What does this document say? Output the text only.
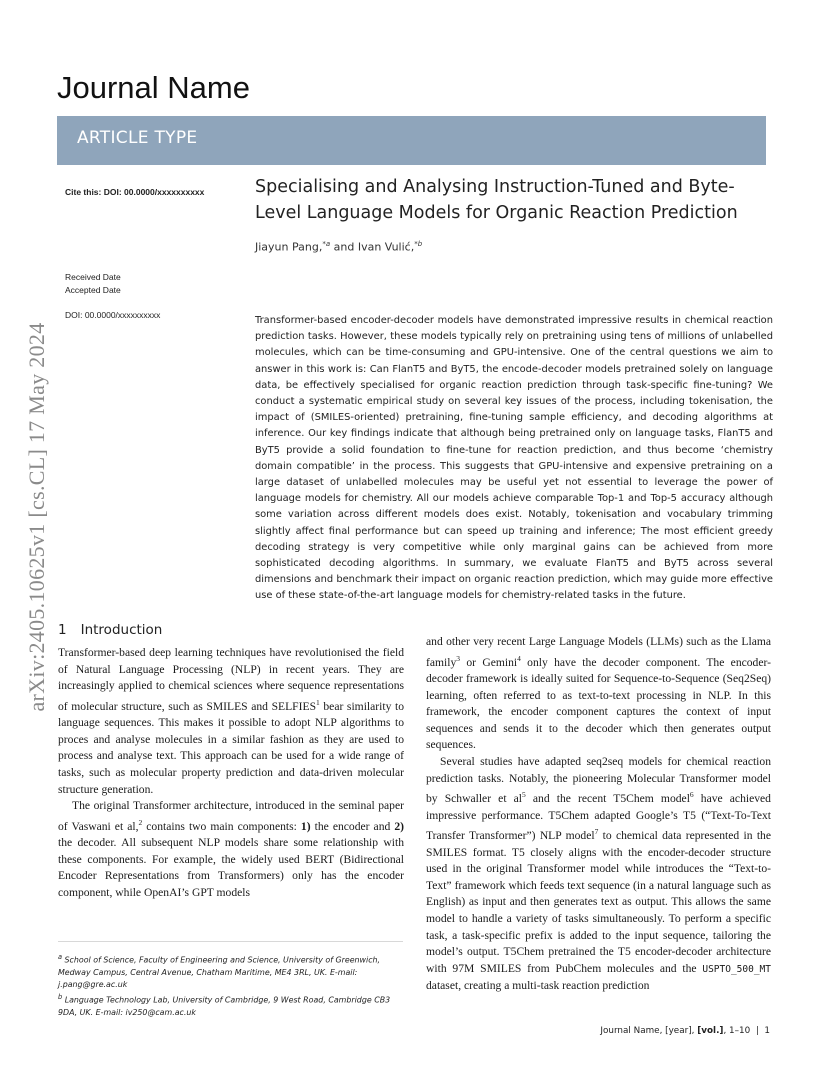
Journal Name
ARTICLE TYPE
Cite this: DOI: 00.0000/xxxxxxxxxx
Received Date
Accepted Date
DOI: 00.0000/xxxxxxxxxx
arXiv:2405.10625v1 [cs.CL] 17 May 2024
Specialising and Analysing Instruction-Tuned and Byte-Level Language Models for Organic Reaction Prediction
Jiayun Pang,$^{*a}$ and Ivan Vulić,$^{*b}$
Transformer-based encoder-decoder models have demonstrated impressive results in chemical reaction prediction tasks. However, these models typically rely on pretraining using tens of millions of unlabelled molecules, which can be time-consuming and GPU-intensive. One of the central questions we aim to answer in this work is: Can FlanT5 and ByT5, the encode-decoder models pretrained solely on language data, be effectively specialised for organic reaction prediction through task-specific fine-tuning? We conduct a systematic empirical study on several key issues of the process, including tokenisation, the impact of (SMILES-oriented) pretraining, fine-tuning sample efficiency, and decoding algorithms at inference. Our key findings indicate that although being pretrained only on language tasks, FlanT5 and ByT5 provide a solid foundation to fine-tune for reaction prediction, and thus become ‘chemistry domain compatible’ in the process. This suggests that GPU-intensive and expensive pretraining on a large dataset of unlabelled molecules may be useful yet not essential to leverage the power of language models for chemistry. All our models achieve comparable Top-1 and Top-5 accuracy although some variation across different models does exist. Notably, tokenisation and vocabulary trimming slightly affect final performance but can speed up training and inference; The most efficient greedy decoding strategy is very competitive while only marginal gains can be achieved from more sophisticated decoding algorithms. In summary, we evaluate FlanT5 and ByT5 across several dimensions and benchmark their impact on organic reaction prediction, which may guide more effective use of these state-of-the-art language models for chemistry-related tasks in the future.
1 Introduction

Transformer-based deep learning techniques have revolutionised the field of Natural Language Processing (NLP) in recent years. They are increasingly applied to chemical sciences where sequence representations of molecular structure, such as SMILES and SELFIES$^1$ bear similarity to language sequences. This makes it possible to adopt NLP algorithms to proces and analyse molecules in a similar fashion as they are used to process and analyse text. This approach can be used for a wide range of tasks, such as molecular property prediction and data-driven molecular structure generation.

The original Transformer architecture, introduced in the seminal paper of Vaswani et al,$^2$ contains two main components: 1) the encoder and 2) the decoder. All subsequent NLP models share some relationship with these components. For example, the widely used BERT (Bidirectional Encoder Representations from Transformers) only has the encoder component, while OpenAI’s GPT models

and other very recent Large Language Models (LLMs) such as the Llama family$^3$ or Gemini$^4$ only have the decoder component. The encoder-decoder framework is ideally suited for Sequence-to-Sequence (Seq2Seq) learning, often referred to as text-to-text processing in NLP. In this framework, the encoder component captures the context of input sequences and sends it to the decoder which then generates output sequences.

Several studies have adapted seq2seq models for chemical reaction prediction tasks. Notably, the pioneering Molecular Transformer model by Schwaller et $al^5$ and the recent T5Chem model$^6$ have achieved impressive performance. T5Chem adapted Google’s T5 (“Text-To-Text Transfer Transformer”) NLP model$^7$ to chemical data represented in the SMILES format. T5 closely aligns with the encoder-decoder structure used in the original Transformer model while introduces the “Text-to-Text” framework which feeds text sequence (in a natural language such as English) as input and then generates text as output. This allows the same model to handle a variety of tasks simultaneously. To perform a specific task, a task-specific prefix is added to the input sequence, tailoring the model’s output. T5Chem pretrained the T5 encoder-decoder architecture with 97M SMILES from PubChem molecules and the USPTO_500_MT dataset, creating a multi-task reaction prediction

$^a$ School of Science, Faculty of Engineering and Science, University of Greenwich, Medway Campus, Central Avenue, Chatham Maritime, ME4 3RL, UK. E-mail: j.pang@gre.ac.uk

$^b$ Language Technology Lab, University of Cambridge, 9 West Road, Cambridge CB3 9DA, UK. E-mail: iv250@cam.ac.uk

Journal Name, [year], [vol.], 1–10  |  1
